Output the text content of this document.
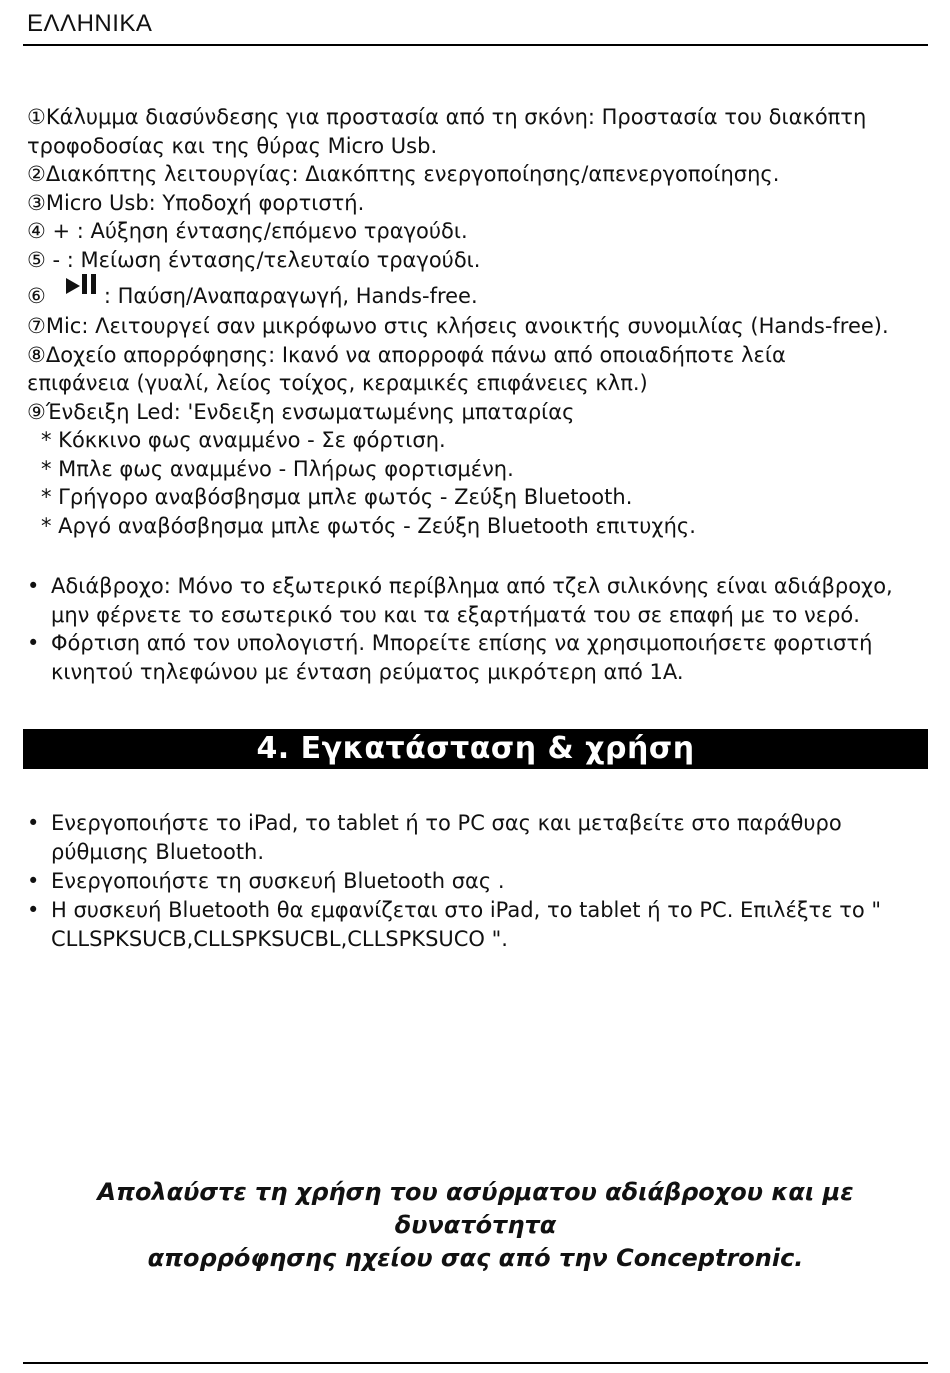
ΕΛΛΗΝΙΚΑ
①Κάλυμμα διασύνδεσης για προστασία από τη σκόνη: Προστασία του διακόπτη
τροφοδοσίας και της θύρας Micro Usb.
②Διακόπτης λειτουργίας: Διακόπτης ενεργοποίησης/απενεργοποίησης.
③Micro Usb: Υποδοχή φορτιστή.
④ + : Αύξηση έντασης/επόμενο τραγούδι.
⑤ - : Μείωση έντασης/τελευταίο τραγούδι.
⑥	: Παύση/Αναπαραγωγή, Hands-free.
⑦Mic: Λειτουργεί σαν μικρόφωνο στις κλήσεις ανοικτής συνομιλίας (Hands-free).
⑧Δοχείο απορρόφησης: Ικανό να απορροφά πάνω από οποιαδήποτε λεία
επιφάνεια (γυαλί, λείος τοίχος, κεραμικές επιφάνειες κλπ.)
⑨Ένδειξη Led: 'Ενδειξη ενσωματωμένης μπαταρίας
* Κόκκινο φως αναμμένο - Σε φόρτιση.
* Μπλε φως αναμμένο - Πλήρως φορτισμένη.
* Γρήγορο αναβόσβησμα μπλε φωτός - Ζεύξη Bluetooth.
* Αργό αναβόσβησμα μπλε φωτός - Ζεύξη Bluetooth επιτυχής.
• Αδιάβροχο: Μόνο το εξωτερικό περίβλημα από τζελ σιλικόνης είναι αδιάβροχο,
μην φέρνετε το εσωτερικό του και τα εξαρτήματά του σε επαφή με το νερό.
• Φόρτιση από τον υπολογιστή. Μπορείτε επίσης να χρησιμοποιήσετε φορτιστή
κινητού τηλεφώνου με ένταση ρεύματος μικρότερη από 1A.
4. Εγκατάσταση & χρήση
• Ενεργοποιήστε το iPad, το tablet ή το PC σας και μεταβείτε στο παράθυρο
ρύθμισης Bluetooth.
• Ενεργοποιήστε τη συσκευή Bluetooth σας .
• Η συσκευή Bluetooth θα εμφανίζεται στο iPad, το tablet ή το PC. Επιλέξτε το "
CLLSPKSUCB,CLLSPKSUCBL,CLLSPKSUCO ".
Απολαύστε τη χρήση του ασύρματου αδιάβροχου και με δυνατότητα
απορρόφησης ηχείου σας από την Conceptronic.
